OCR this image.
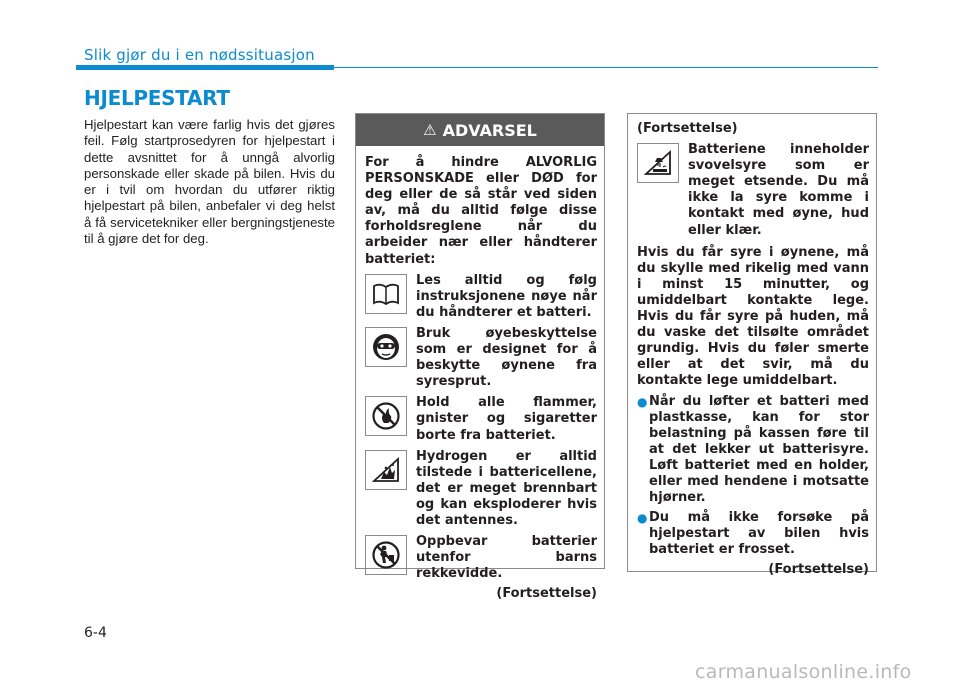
Slik gjør du i en nødssituasjon
HJELPESTART

Hjelpestart kan være farlig hvis det gjøres feil. Følg startprosedyren for hjelpestart i dette avsnittet for å unngå alvorlig personskade eller skade på bilen. Hvis du er i tvil om hvordan du utfører riktig hjelpestart på bilen, anbefaler vi deg helst å få servicetekniker eller bergningstjeneste til å gjøre det for deg.

⚠ ADVARSEL

For å hindre ALVORLIG PERSONSKADE eller DØD for deg eller de så står ved siden av, må du alltid følge disse forholdsreglene når du arbeider nær eller håndterer batteriet:

Les alltid og følg instruksjonene nøye når du håndterer et batteri.
Bruk øyebeskyttelse som er designet for å beskytte øynene fra syresprut.
Hold alle flammer, gnister og sigaretter borte fra batteriet.
Hydrogen er alltid tilstede i battericellene, det er meget brennbart og kan eksploderer hvis det antennes.
Oppbevar batterier utenfor barns rekkevidde.
(Fortsettelse)
(Fortsettelse)
Batteriene inneholder svovelsyre som er meget etsende. Du må ikke la syre komme i kontakt med øyne, hud eller klær.

Hvis du får syre i øynene, må du skylle med rikelig med vann i minst 15 minutter, og umiddelbart kontakte lege. Hvis du får syre på huden, må du vaske det tilsølte området grundig. Hvis du føler smerte eller at det svir, må du kontakte lege umiddelbart.

● Når du løfter et batteri med plastkasse, kan for stor belastning på kassen føre til at det lekker ut batterisyre. Løft batteriet med en holder, eller med hendene i motsatte hjørner.
● Du må ikke forsøke på hjelpestart av bilen hvis batteriet er frosset.
(Fortsettelse)
6-4
carmanualsonline.info
